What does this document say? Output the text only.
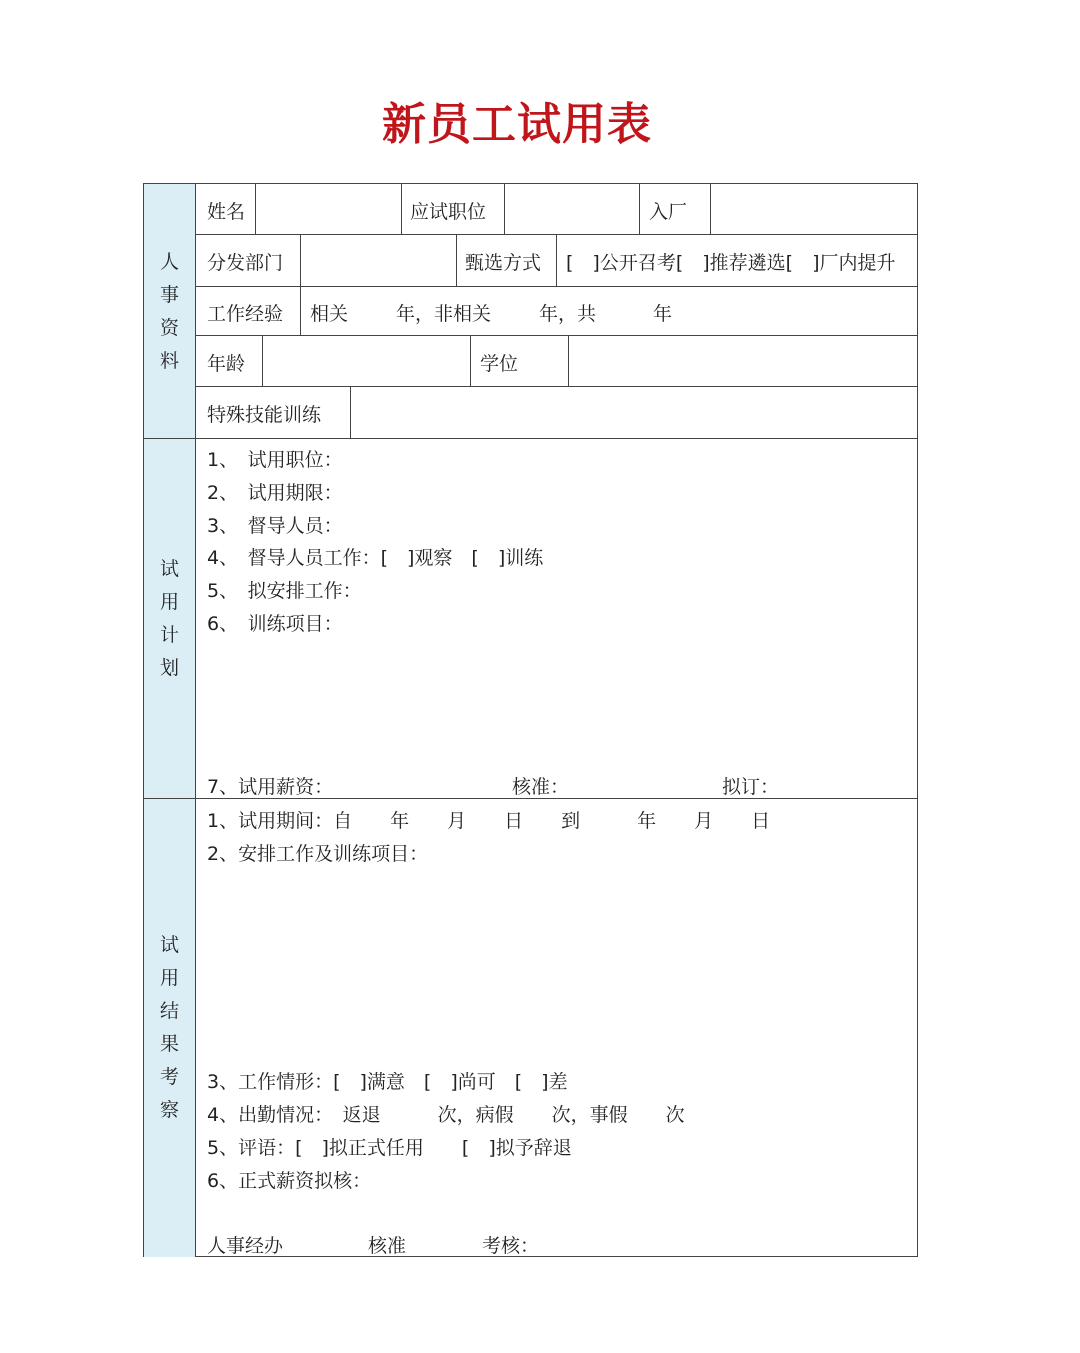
新员工试用表
人事资料
试用计划
试用结果考察
姓名	应试职位	入厂
分发部门	甄选方式 [　]公开召考[　]推荐遴选[　]厂内提升
工作经验 相关	年，非相关	年，共	年
年龄	学位
特殊技能训练
1、　试用职位：
2、　试用期限：
3、　督导人员：
4、　督导人员工作：[　]观察　[　]训练
5、　拟安排工作：
6、　训练项目：
7、试用薪资：	核准：	拟订：
1、试用期间：自　　年　　月　　日　　到　　　年　　月　　日
2、安排工作及训练项目：
3、工作情形：[　]满意　[　]尚可　[　]差
4、出勤情况：　返退　　　次，病假　　次，事假　　次
5、评语：[　]拟正式任用　　[　]拟予辞退
6、正式薪资拟核：
人事经办	核准	考核：
